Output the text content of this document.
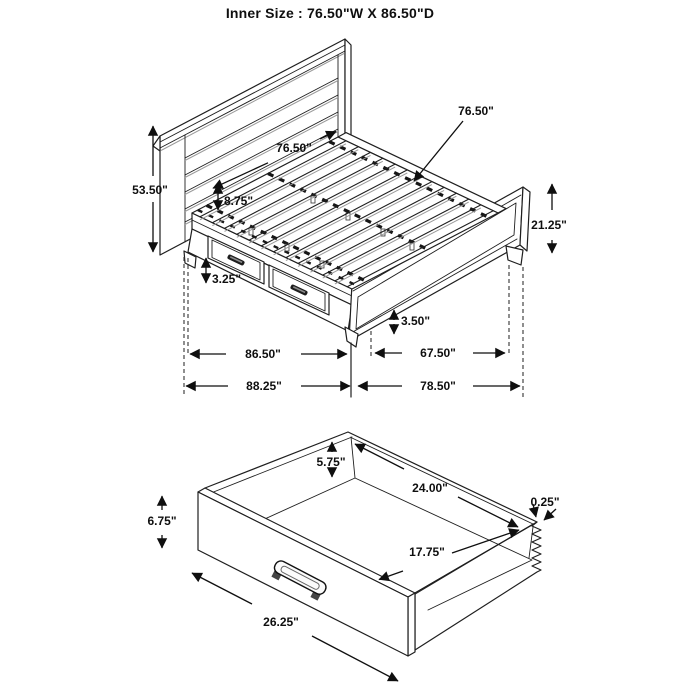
Inner Size : 76.50"W X 86.50"D
53.50"
76.50"
8.75"
76.50"
21.25"
3.25"
3.50"
86.50"	67.50"
88.25"	78.50"
5.75"
24.00"
0.25"
6.75"
17.75"
26.25"
